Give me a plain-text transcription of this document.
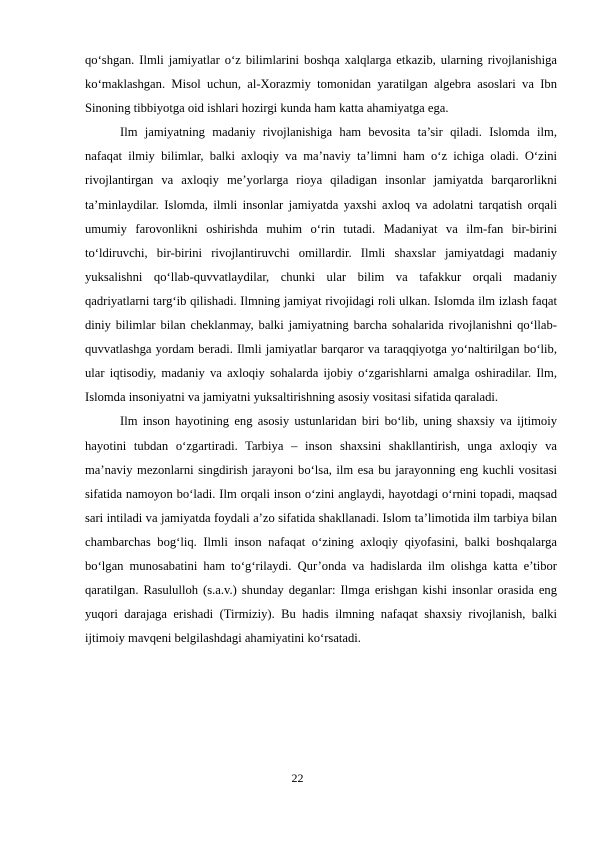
qo‘shgan. Ilmli jamiyatlar o‘z bilimlarini boshqa xalqlarga etkazib, ularning rivojlanishiga ko‘maklashgan. Misol uchun, al-Xorazmiy tomonidan yaratilgan algebra asoslari va Ibn Sinoning tibbiyotga oid ishlari hozirgi kunda ham katta ahamiyatga ega.

Ilm jamiyatning madaniy rivojlanishiga ham bevosita ta’sir qiladi. Islomda ilm, nafaqat ilmiy bilimlar, balki axloqiy va ma’naviy ta’limni ham o‘z ichiga oladi. O‘zini rivojlantirgan va axloqiy me’yorlarga rioya qiladigan insonlar jamiyatda barqarorlikni ta’minlaydilar. Islomda, ilmli insonlar jamiyatda yaxshi axloq va adolatni tarqatish orqali umumiy farovonlikni oshirishda muhim o‘rin tutadi. Madaniyat va ilm-fan bir-birini to‘ldiruvchi, bir-birini rivojlantiruvchi omillardir. Ilmli shaxslar jamiyatdagi madaniy yuksalishni qo‘llab-quvvatlaydilar, chunki ular bilim va tafakkur orqali madaniy qadriyatlarni targ‘ib qilishadi. Ilmning jamiyat rivojidagi roli ulkan. Islomda ilm izlash faqat diniy bilimlar bilan cheklanmay, balki jamiyatning barcha sohalarida rivojlanishni qo‘llab-quvvatlashga yordam beradi. Ilmli jamiyatlar barqaror va taraqqiyotga yo‘naltirilgan bo‘lib, ular iqtisodiy, madaniy va axloqiy sohalarda ijobiy o‘zgarishlarni amalga oshiradilar. Ilm, Islomda insoniyatni va jamiyatni yuksaltirishning asosiy vositasi sifatida qaraladi.

Ilm inson hayotining eng asosiy ustunlaridan biri bo‘lib, uning shaxsiy va ijtimoiy hayotini tubdan o‘zgartiradi. Tarbiya – inson shaxsini shakllantirish, unga axloqiy va ma’naviy mezonlarni singdirish jarayoni bo‘lsa, ilm esa bu jarayonning eng kuchli vositasi sifatida namoyon bo‘ladi. Ilm orqali inson o‘zini anglaydi, hayotdagi o‘rnini topadi, maqsad sari intiladi va jamiyatda foydali a’zo sifatida shakllanadi. Islom ta’limotida ilm tarbiya bilan chambarchas bog‘liq. Ilmli inson nafaqat o‘zining axloqiy qiyofasini, balki boshqalarga bo‘lgan munosabatini ham to‘g‘rilaydi. Qur’onda va hadislarda ilm olishga katta e’tibor qaratilgan. Rasululloh (s.a.v.) shunday deganlar: Ilmga erishgan kishi insonlar orasida eng yuqori darajaga erishadi (Tirmiziy). Bu hadis ilmning nafaqat shaxsiy rivojlanish, balki ijtimoiy mavqeni belgilashdagi ahamiyatini ko‘rsatadi.

22
